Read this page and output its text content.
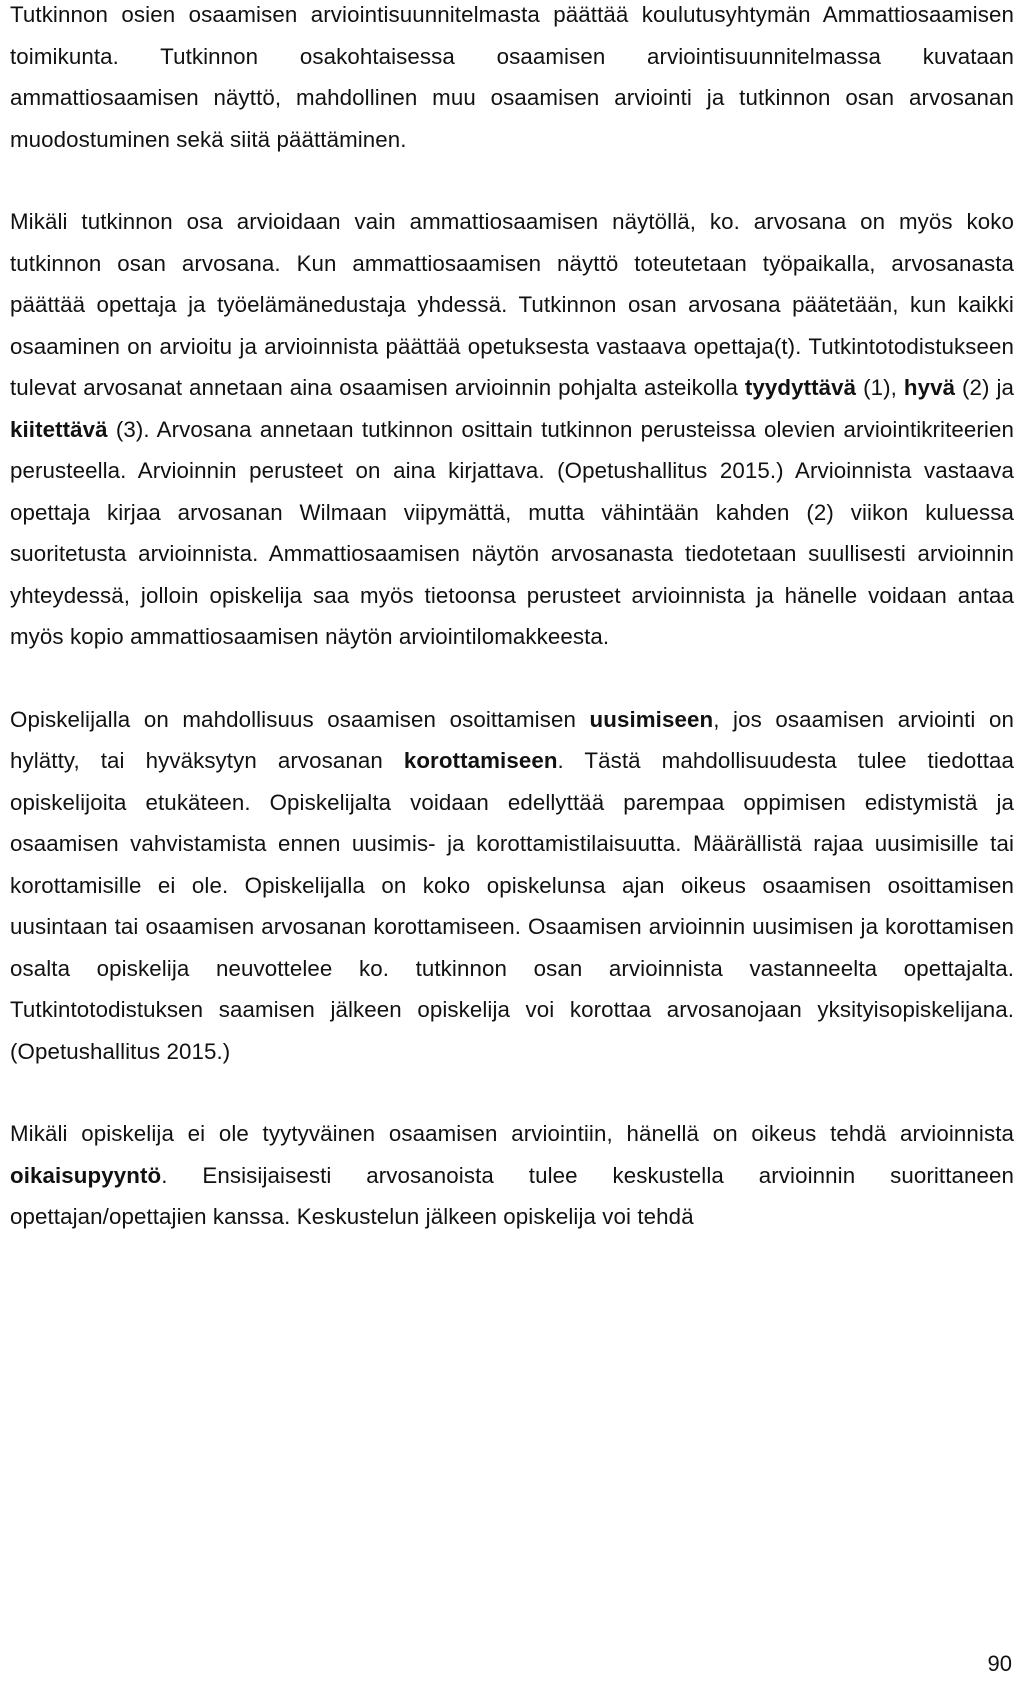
Tutkinnon osien osaamisen arviointisuunnitelmasta päättää koulutusyhtymän Ammattiosaamisen toimikunta. Tutkinnon osakohtaisessa osaamisen arviointisuunnitelmassa kuvataan ammattiosaamisen näyttö, mahdollinen muu osaamisen arviointi ja tutkinnon osan arvosanan muodostuminen sekä siitä päättäminen.

Mikäli tutkinnon osa arvioidaan vain ammattiosaamisen näytöllä, ko. arvosana on myös koko tutkinnon osan arvosana. Kun ammattiosaamisen näyttö toteutetaan työpaikalla, arvosanasta päättää opettaja ja työelämänedustaja yhdessä. Tutkinnon osan arvosana päätetään, kun kaikki osaaminen on arvioitu ja arvioinnista päättää opetuksesta vastaava opettaja(t). Tutkintotodistukseen tulevat arvosanat annetaan aina osaamisen arvioinnin pohjalta asteikolla tyydyttävä (1), hyvä (2) ja kiitettävä (3). Arvosana annetaan tutkinnon osittain tutkinnon perusteissa olevien arviointikriteerien perusteella. Arvioinnin perusteet on aina kirjattava. (Opetushallitus 2015.) Arvioinnista vastaava opettaja kirjaa arvosanan Wilmaan viipymättä, mutta vähintään kahden (2) viikon kuluessa suoritetusta arvioinnista. Ammattiosaamisen näytön arvosanasta tiedotetaan suullisesti arvioinnin yhteydessä, jolloin opiskelija saa myös tietoonsa perusteet arvioinnista ja hänelle voidaan antaa myös kopio ammattiosaamisen näytön arviointilomakkeesta.

Opiskelijalla on mahdollisuus osaamisen osoittamisen uusimiseen, jos osaamisen arviointi on hylätty, tai hyväksytyn arvosanan korottamiseen. Tästä mahdollisuudesta tulee tiedottaa opiskelijoita etukäteen. Opiskelijalta voidaan edellyttää parempaa oppimisen edistymistä ja osaamisen vahvistamista ennen uusimis- ja korottamistilaisuutta. Määrällistä rajaa uusimisille tai korottamisille ei ole. Opiskelijalla on koko opiskelunsa ajan oikeus osaamisen osoittamisen uusintaan tai osaamisen arvosanan korottamiseen. Osaamisen arvioinnin uusimisen ja korottamisen osalta opiskelija neuvottelee ko. tutkinnon osan arvioinnista vastanneelta opettajalta. Tutkintotodistuksen saamisen jälkeen opiskelija voi korottaa arvosanojaan yksityisopiskelijana. (Opetushallitus 2015.)

Mikäli opiskelija ei ole tyytyväinen osaamisen arviointiin, hänellä on oikeus tehdä arvioinnista oikaisupyyntö. Ensisijaisesti arvosanoista tulee keskustella arvioinnin suorittaneen opettajan/opettajien kanssa. Keskustelun jälkeen opiskelija voi tehdä

90
